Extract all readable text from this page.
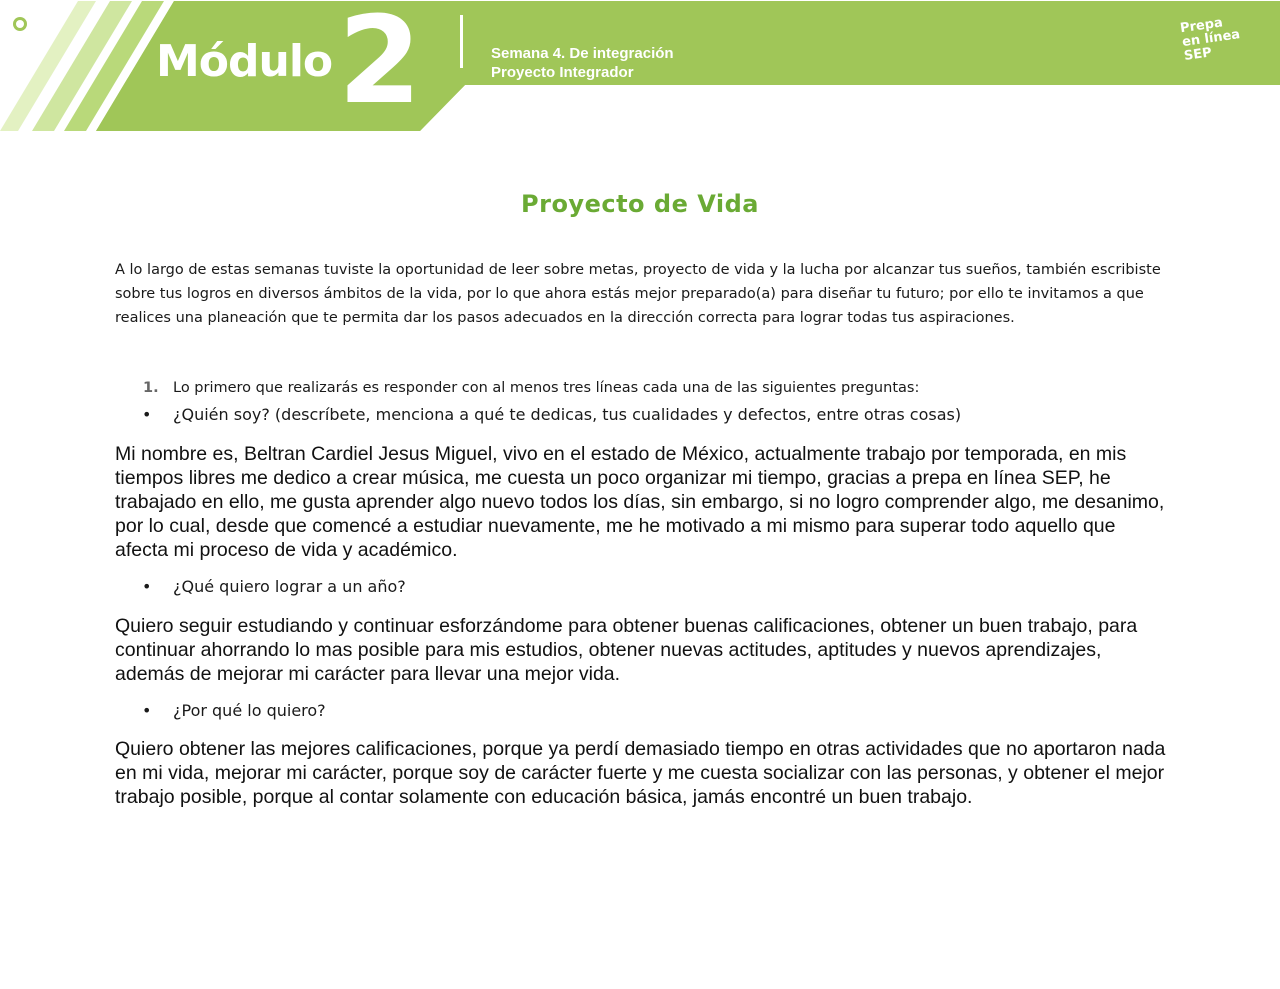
Módulo 2	Semana 4. De integración
Proyecto Integrador
Prepa en línea SEP
Proyecto de Vida

A lo largo de estas semanas tuviste la oportunidad de leer sobre metas, proyecto de vida y la lucha por alcanzar tus sueños, también escribiste sobre tus logros en diversos ámbitos de la vida, por lo que ahora estás mejor preparado(a) para diseñar tu futuro; por ello te invitamos a que realices una planeación que te permita dar los pasos adecuados en la dirección correcta para lograr todas tus aspiraciones.

1. Lo primero que realizarás es responder con al menos tres líneas cada una de las siguientes preguntas:
• ¿Quién soy? (descríbete, menciona a qué te dedicas, tus cualidades y defectos, entre otras cosas)

Mi nombre es, Beltran Cardiel Jesus Miguel, vivo en el estado de México, actualmente trabajo por temporada, en mis tiempos libres me dedico a crear música, me cuesta un poco organizar mi tiempo, gracias a prepa en línea SEP, he trabajado en ello, me gusta aprender algo nuevo todos los días, sin embargo, si no logro comprender algo, me desanimo, por lo cual, desde que comencé a estudiar nuevamente, me he motivado a mi mismo para superar todo aquello que afecta mi proceso de vida y académico.

• ¿Qué quiero lograr a un año?

Quiero seguir estudiando y continuar esforzándome para obtener buenas calificaciones, obtener un buen trabajo, para continuar ahorrando lo mas posible para mis estudios, obtener nuevas actitudes, aptitudes y nuevos aprendizajes, además de mejorar mi carácter para llevar una mejor vida.

• ¿Por qué lo quiero?

Quiero obtener las mejores calificaciones, porque ya perdí demasiado tiempo en otras actividades que no aportaron nada en mi vida, mejorar mi carácter, porque soy de carácter fuerte y me cuesta socializar con las personas, y obtener el mejor trabajo posible, porque al contar solamente con educación básica, jamás encontré un buen trabajo.
